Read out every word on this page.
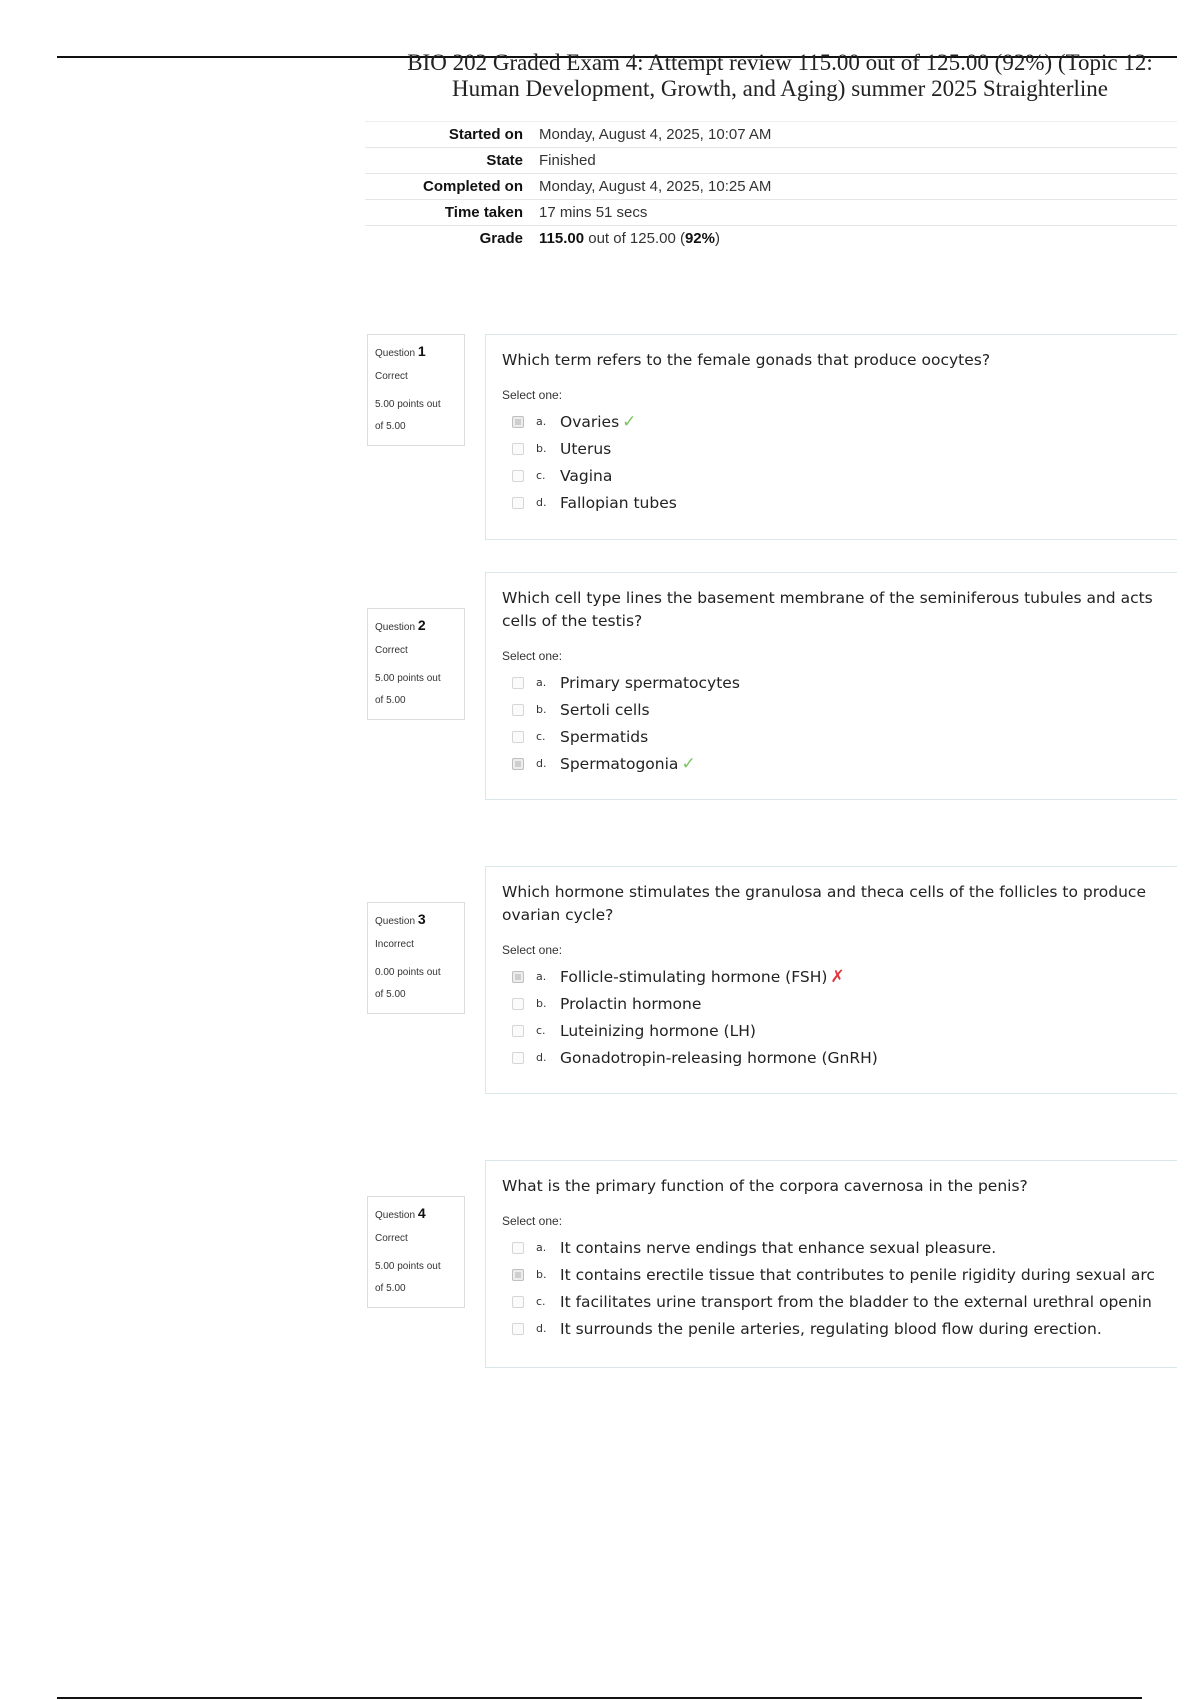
BIO 202 Graded Exam 4: Attempt review 115.00 out of 125.00 (92%) (Topic 12:
Human Development, Growth, and Aging) summer 2025 Straighterline
Started on	Monday, August 4, 2025, 10:07 AM
State	Finished
Completed on	Monday, August 4, 2025, 10:25 AM
Time taken	17 mins 51 secs
Grade	115.00 out of 125.00 (92%)
Question 1
Correct
5.00 points out
of 5.00
Which term refers to the female gonads that produce oocytes?
Select one:
a. Ovaries ✓
b. Uterus
c. Vagina
d. Fallopian tubes
Question 2
Correct
5.00 points out
of 5.00
Which cell type lines the basement membrane of the seminiferous tubules and acts
cells of the testis?
Select one:
a. Primary spermatocytes
b. Sertoli cells
c. Spermatids
d. Spermatogonia ✓
Question 3
Incorrect
0.00 points out
of 5.00
Which hormone stimulates the granulosa and theca cells of the follicles to produce
ovarian cycle?
Select one:
a. Follicle-stimulating hormone (FSH) ✗
b. Prolactin hormone
c. Luteinizing hormone (LH)
d. Gonadotropin-releasing hormone (GnRH)
Question 4
Correct
5.00 points out
of 5.00
What is the primary function of the corpora cavernosa in the penis?
Select one:
a. It contains nerve endings that enhance sexual pleasure.
b. It contains erectile tissue that contributes to penile rigidity during sexual arc
c. It facilitates urine transport from the bladder to the external urethral openin
d. It surrounds the penile arteries, regulating blood flow during erection.
